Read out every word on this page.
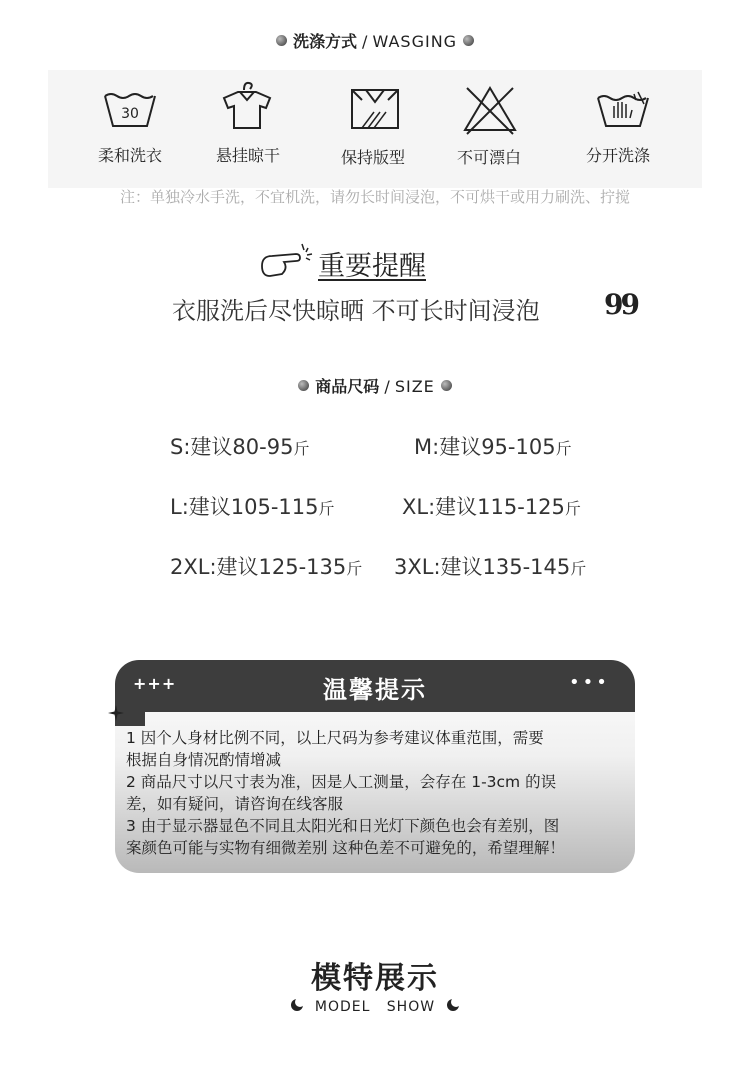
洗涤方式 / WASGING
30
柔和洗衣	悬挂晾干	保持版型	不可漂白	分开洗涤
注：单独冷水手洗，不宜机洗，请勿长时间浸泡，不可烘干或用力刷洗、拧搅
重要提醒
衣服洗后尽快晾晒 不可长时间浸泡 99
商品尺码 / SIZE
S:建议80-95斤	M:建议95-105斤
L:建议105-115斤	XL:建议115-125斤
2XL:建议125-135斤 3XL:建议135-145斤
+++	温馨提示	•••
1 因个人身材比例不同，以上尺码为参考建议体重范围，需要
根据自身情况酌情增减
2 商品尺寸以尺寸表为准，因是人工测量，会存在 1-3cm 的误
差，如有疑问，请咨询在线客服
3 由于显示器显色不同且太阳光和日光灯下颜色也会有差别，图
案颜色可能与实物有细微差别 这种色差不可避免的，希望理解！
模特展示
MODEL SHOW
